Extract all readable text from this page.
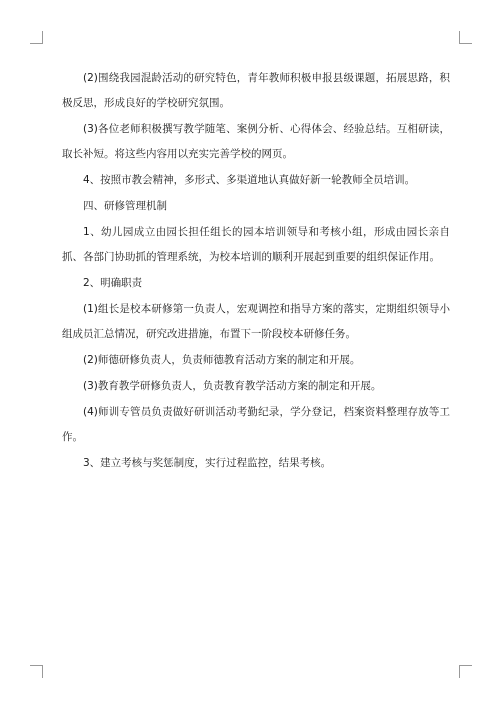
(2)围绕我园混龄活动的研究特色，青年教师积极申报县级课题，拓展思路，积极反思，形成良好的学校研究氛围。

(3)各位老师积极撰写教学随笔、案例分析、心得体会、经验总结。互相研读，取长补短。将这些内容用以充实完善学校的网页。

4、按照市教会精神，多形式、多渠道地认真做好新一轮教师全员培训。

四、研修管理机制

1、幼儿园成立由园长担任组长的园本培训领导和考核小组，形成由园长亲自抓、各部门协助抓的管理系统，为校本培训的顺利开展起到重要的组织保证作用。

2、明确职责

(1)组长是校本研修第一负责人，宏观调控和指导方案的落实，定期组织领导小组成员汇总情况，研究改进措施，布置下一阶段校本研修任务。

(2)师德研修负责人，负责师德教育活动方案的制定和开展。

(3)教育教学研修负责人，负责教育教学活动方案的制定和开展。

(4)师训专管员负责做好研训活动考勤纪录，学分登记，档案资料整理存放等工作。

3、建立考核与奖惩制度，实行过程监控，结果考核。
